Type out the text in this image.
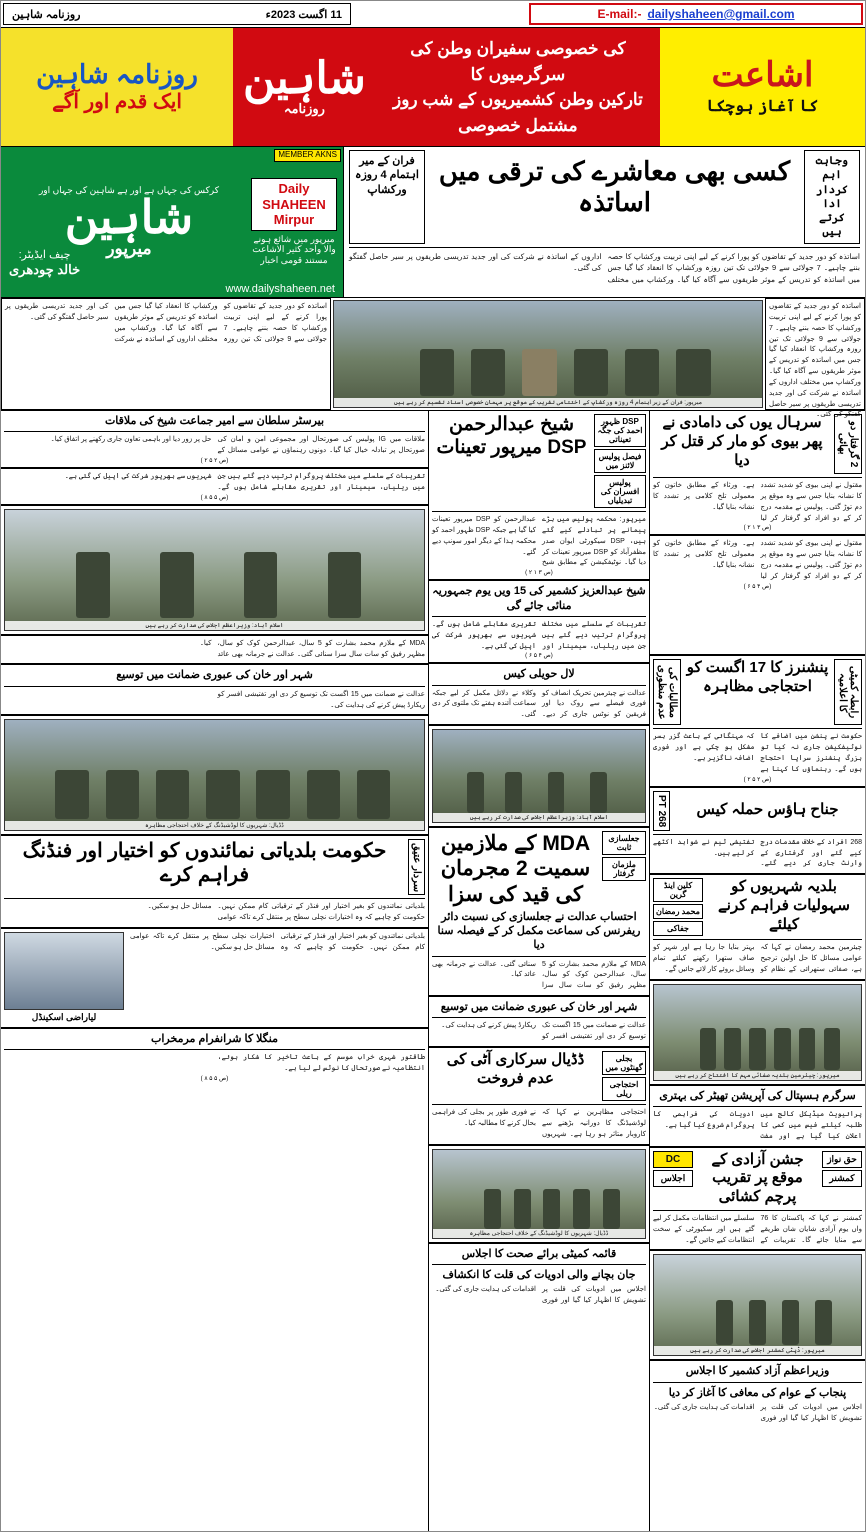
E-mail:- dailyshaheen@gmail.com
11 اگست 2023ء
روزنامہ شاہین
اشاعت
کا آغاز ہوچکا
کی خصوصی سفیران وطن کی سرگرمیوں کا
تارکین وطن کشمیریوں کے شب روز مشتمل خصوصی
شاہین
روزنامہ
روزنامہ شاہین
ایک قدم اور آگے
وجاہت اہم کردار ادا کرتے ہیں
کسی بھی معاشرے کی ترقی میں اساتذہ
فران کے میر اہتمام 4 روزہ ورکشاپ
اساتذہ کو دور جدید کے تقاضوں کو پورا کرنے کے لیے اپنی تربیت ورکشاپ کا حصہ بننے چاہیے۔ 7 جولائی سے 9 جولائی تک تین روزہ ورکشاپ کا انعقاد کیا گیا جس میں اساتذہ کو تدریس کے موثر طریقوں سے آگاہ کیا گیا۔ ورکشاپ میں مختلف اداروں کے اساتذہ نے شرکت کی اور جدید تدریسی طریقوں پر سیر حاصل گفتگو کی گئی۔
MEMBER AKNS
Daily SHAHEEN Mirpur
میرپور میں شائع ہونے والا واحد کثیر الاشاعت مستند قومی اخبار
کرکس کی جہاں ہے اور ہے شاہین کی جہاں اور
شاہین
میرپور
چیف ایڈیٹر:
خالد چودھری
www.dailyshaheen.net
اساتذہ کو دور جدید کے تقاضوں کو پورا کرنے کے لیے اپنی تربیت ورکشاپ کا حصہ بننے چاہیے۔ 7 جولائی سے 9 جولائی تک تین روزہ ورکشاپ کا انعقاد کیا گیا جس میں اساتذہ کو تدریس کے موثر طریقوں سے آگاہ کیا گیا۔ ورکشاپ میں مختلف اداروں کے اساتذہ نے شرکت کی اور جدید تدریسی طریقوں پر سیر حاصل گفتگو کی گئی۔
میرپور: فران کے زیر اہتمام 4 روزہ ورکشاپ کے اختتامی تقریب کے موقع پر مہمان خصوصی اسناد تقسیم کر رہے ہیں
اساتذہ کو دور جدید کے تقاضوں کو پورا کرنے کے لیے اپنی تربیت ورکشاپ کا حصہ بننے چاہیے۔ 7 جولائی سے 9 جولائی تک تین روزہ ورکشاپ کا انعقاد کیا گیا جس میں اساتذہ کو تدریس کے موثر طریقوں سے آگاہ کیا گیا۔ ورکشاپ میں مختلف اداروں کے اساتذہ نے شرکت کی اور جدید تدریسی طریقوں پر سیر حاصل گفتگو کی گئی۔
2 گرفتار دو بھائی
سرہال یوں کی دامادی نے پھر بیوی کو مار کر قتل کر دیا
مقتول نے اپنی بیوی کو شدید تشدد کا نشانہ بنایا جس سے وہ موقع پر دم توڑ گئی۔ پولیس نے مقدمہ درج کر کے دو افراد کو گرفتار کر لیا ہے۔ ورثاء کے مطابق خاتون کو معمولی تلخ کلامی پر تشدد کا نشانہ بنایا گیا۔
(ص ۳ ۱ ۲ )
مقتول نے اپنی بیوی کو شدید تشدد کا نشانہ بنایا جس سے وہ موقع پر دم توڑ گئی۔ پولیس نے مقدمہ درج کر کے دو افراد کو گرفتار کر لیا ہے۔ ورثاء کے مطابق خاتون کو معمولی تلخ کلامی پر تشدد کا نشانہ بنایا گیا۔
(ص ۴ ۵ ۶ )
رابطہ کمیٹی کا اعلامیہ
پنشنرز کا 17 اگست کو احتجاجی مظاہرہ
مطالبات کی عدم منظوری
حکومت نے پنشن میں اضافے کا نوٹیفکیشن جاری نہ کیا تو بزرگ پنشنرز سراپا احتجاج ہوں گے۔ رہنماؤں کا کہنا ہے کہ مہنگائی کے باعث گزر بسر مشکل ہو چکی ہے اور فوری اضافہ ناگزیر ہے۔
(ص ۲ ۵ ۲ )
جناح ہاؤس حملہ کیس
268 PT
268 افراد کے خلاف مقدمات درج کیے گئے اور گرفتاری کے وارنٹ جاری کر دیے گئے۔ تفتیشی ٹیم نے شواہد اکٹھے کر لیے ہیں۔
بلدیہ شہریوں کو سہولیات فراہم کرنے کیلئے
کلین اینڈ گرین
محمد رمضان
جفاکی
چیئرمین محمد رمضان نے کہا کہ عوامی مسائل کا حل اولین ترجیح ہے، صفائی ستھرائی کے نظام کو بہتر بنایا جا رہا ہے اور شہر کو صاف ستھرا رکھنے کیلئے تمام وسائل بروئے کار لائے جائیں گے۔
میرپور: چیئرمین بلدیہ صفائی مہم کا افتتاح کر رہے ہیں
سرگرم ہسپتال کی آپریشن تھیٹر کی بہتری
پرائیویٹ میڈیکل کالج میں طلبہ کیلئے فیس میں کمی کا اعلان کیا گیا ہے اور مفت ادویات کی فراہمی کا پروگرام شروع کیا گیا ہے۔
حق نواز
کمشنر
جشن آزادی کے موقع پر تقریب پرچم کشائی
DC
اجلاس
کمشنر نے کہا کہ پاکستان کا 76 واں یوم آزادی شایان شان طریقے سے منایا جائے گا۔ تقریبات کے سلسلے میں انتظامات مکمل کر لیے گئے ہیں اور سکیورٹی کے سخت انتظامات کیے جائیں گے۔
میرپور: ڈپٹی کمشنر اجلاس کی صدارت کر رہے ہیں
وزیراعظم آزاد کشمیر کا اجلاس
پنجاب کے عوام کی معافی کا آغاز کر دیا
اجلاس میں ادویات کی قلت پر تشویش کا اظہار کیا گیا اور فوری اقدامات کی ہدایت جاری کی گئی۔
DSP ظہور احمد کی جگہ تعیناتی
فیصل پولیس لائنز میں
پولیس افسران کی تبدیلیاں
شیخ عبدالرحمن DSP میرپور تعینات
میرپور: محکمہ پولیس میں بڑے پیمانے پر تبادلے کیے گئے ہیں، DSP سیکورٹی ایوان صدر مظفرآباد کو DSP میرپور تعینات کر دیا گیا۔ نوٹیفکیشن کے مطابق شیخ عبدالرحمن کو DSP میرپور تعینات کیا گیا ہے جبکہ DSP ظہور احمد کو محکمہ ہذا کے دیگر امور سونپ دیے گئے۔
(ص ۳ ۱ ۲ )
شیخ عبدالعزیز کشمیر کی 15 ویں یوم جمہوریہ منائی جائے گی
تقریبات کے سلسلے میں مختلف پروگرام ترتیب دیے گئے ہیں جن میں ریلیاں، سیمینار اور تقریری مقابلے شامل ہوں گے۔ شہریوں سے بھرپور شرکت کی اپیل کی گئی ہے۔
(ص ۴ ۵ ۶ )
لال حویلی کیس
عدالت نے چیئرمین تحریک انصاف کو فوری فیصلے سے روک دیا اور فریقین کو نوٹس جاری کر دیے۔ وکلاء نے دلائل مکمل کر لیے جبکہ سماعت آئندہ ہفتے تک ملتوی کر دی گئی۔
اسلام آباد: وزیراعظم اجلاس کی صدارت کر رہے ہیں
جعلسازی ثابت
ملزمان گرفتار
MDA کے ملازمین سمیت 2 مجرمان کی قید کی سزا
احتساب عدالت نے جعلسازی کی نسبت دائر ریفرنس کی سماعت مکمل کر کے فیصلہ سنا دیا
MDA کے ملازم محمد بشارت کو 5 سال، عبدالرحمن کوک کو سال، مظہر رفیق کو سات سال سزا سنائی گئی۔ عدالت نے جرمانہ بھی عائد کیا۔
شہر اور خان کی عبوری ضمانت میں توسیع
عدالت نے ضمانت میں 15 اگست تک توسیع کر دی اور تفتیشی افسر کو ریکارڈ پیش کرنے کی ہدایت کی۔
بجلی گھنٹوں میں
احتجاجی ریلی
ڈڈیال سرکاری آٹی کی عدم فروخت
احتجاجی مظاہرین نے کہا کہ لوڈشیڈنگ کا دورانیہ بڑھنے سے کاروبار متاثر ہو رہا ہے۔ شہریوں نے فوری طور پر بجلی کی فراہمی بحال کرنے کا مطالبہ کیا۔
ڈڈیال: شہریوں کا لوڈشیڈنگ کے خلاف احتجاجی مظاہرہ
قائمہ کمیٹی برائے صحت کا اجلاس
جان بچانے والی ادویات کی قلت کا انکشاف
اجلاس میں ادویات کی قلت پر تشویش کا اظہار کیا گیا اور فوری اقدامات کی ہدایت جاری کی گئی۔
بیرسٹر سلطان سے امیر جماعت شیخ کی ملاقات
ملاقات میں IG پولیس کی صورتحال اور مجموعی امن و امان کی صورتحال پر تبادلہ خیال کیا گیا۔ دونوں رہنماؤں نے عوامی مسائل کے حل پر زور دیا اور باہمی تعاون جاری رکھنے پر اتفاق کیا۔
(ص ۲ ۵ ۲ )
تقریبات کے سلسلے میں مختلف پروگرام ترتیب دیے گئے ہیں جن میں ریلیاں، سیمینار اور تقریری مقابلے شامل ہوں گے۔ شہریوں سے بھرپور شرکت کی اپیل کی گئی ہے۔
(ص ۵ ۵ ۸ )
اسلام آباد: وزیراعظم اجلاس کی صدارت کر رہے ہیں
MDA کے ملازم محمد بشارت کو 5 سال، عبدالرحمن کوک کو سال، مظہر رفیق کو سات سال سزا سنائی گئی۔ عدالت نے جرمانہ بھی عائد کیا۔
شہر اور خان کی عبوری ضمانت میں توسیع
عدالت نے ضمانت میں 15 اگست تک توسیع کر دی اور تفتیشی افسر کو ریکارڈ پیش کرنے کی ہدایت کی۔
ڈڈیال: شہریوں کا لوڈشیڈنگ کے خلاف احتجاجی مظاہرہ
سردار عتیق
حکومت بلدیاتی نمائندوں کو اختیار اور فنڈنگ فراہم کرے
بلدیاتی نمائندوں کو بغیر اختیار اور فنڈز کے ترقیاتی کام ممکن نہیں۔ حکومت کو چاہیے کہ وہ اختیارات نچلی سطح پر منتقل کرے تاکہ عوامی مسائل حل ہو سکیں۔
بلدیاتی نمائندوں کو بغیر اختیار اور فنڈز کے ترقیاتی کام ممکن نہیں۔ حکومت کو چاہیے کہ وہ اختیارات نچلی سطح پر منتقل کرے تاکہ عوامی مسائل حل ہو سکیں۔
لیاراضی اسکینڈل
منگلا کا شرانفرام مرمخراب
طاقتور شہری خراب موسم کے باعث تاخیر کا شکار ہوئے، انتظامیہ نے صورتحال کا نوٹس لے لیا ہے۔
(ص ۵ ۵ ۸ )
